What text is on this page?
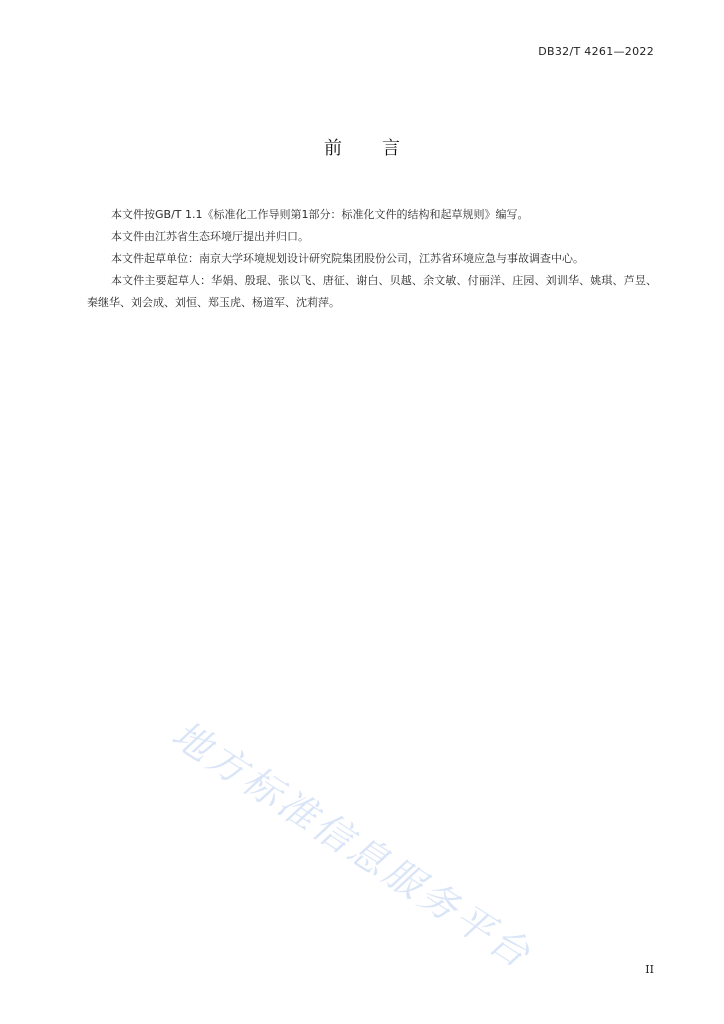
DB32/T 4261—2022
前言

本文件按GB/T 1.1《标准化工作导则第1部分：标准化文件的结构和起草规则》编写。

本文件由江苏省生态环境厅提出并归口。

本文件起草单位：南京大学环境规划设计研究院集团股份公司，江苏省环境应急与事故调查中心。

本文件主要起草人：华娟、殷琨、张以飞、唐征、谢白、贝越、余文敏、付丽洋、庄园、刘训华、姚琪、芦昱、秦继华、刘会成、刘恒、郑玉虎、杨道军、沈莉萍。

地方标准信息服务平台	II
